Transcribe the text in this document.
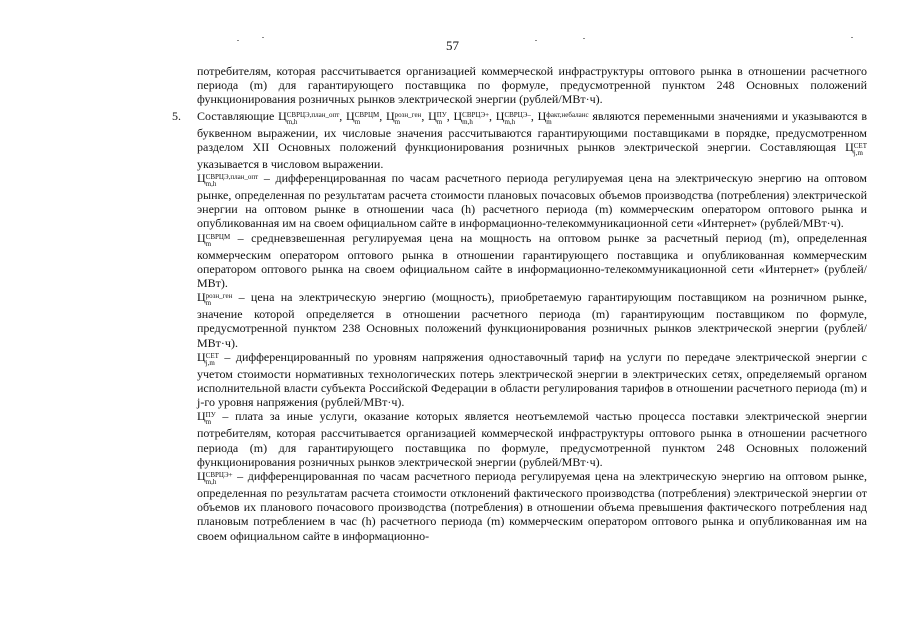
57

потребителям, которая рассчитывается организацией коммерческой инфраструктуры оптового рынка в отношении расчетного периода (m) для гарантирующего поставщика по формуле, предусмотренной пунктом 248 Основных положений функционирования розничных рынков электрической энергии (рублей/МВт·ч).

5. Составляющие Ц СВРЦЭ,план_опт
m,h	, Ц СВРЦМ
m	, Ц розн_ген
m	, Ц ПУ
m , Ц СВРЦЭ+
m,h	, Ц СВРЦЭ–
m,h	, Ц факт,небаланс
m	являются переменными значениями и указываются в буквенном выражении, их числовые значения рассчитываются гарантирующими поставщиками в порядке, предусмотренном разделом XII Основных положений функционирования розничных рынков электрической энергии. Составляющая Ц СЕТ
j,m
указывается в числовом выражении.

Ц СВРЦЭ,план_опт
m,h	– дифференцированная по часам расчетного периода регулируемая цена на электрическую энергию на оптовом рынке, определенная по результатам расчета стоимости плановых почасовых объемов производства (потребления) электрической энергии на оптовом рынке в отношении часа (h) расчетного периода (m) коммерческим оператором оптового рынка и опубликованная им на своем официальном сайте в информационно-телекоммуникационной сети «Интернет» (рублей/МВт·ч).

Ц СВРЦМ
m	– средневзвешенная регулируемая цена на мощность на оптовом рынке за расчетный период (m), определенная коммерческим оператором оптового рынка в отношении гарантирующего поставщика и опубликованная коммерческим оператором оптового рынка на своем официальном сайте в информационно-телекоммуникационной сети «Интернет» (рублей/МВт).

Ц розн_ген
m	– цена на электрическую энергию (мощность), приобретаемую гарантирующим поставщиком на розничном рынке, значение которой определяется в отношении расчетного периода (m) гарантирующим поставщиком по формуле, предусмотренной пунктом 238 Основных положений функционирования розничных рынков электрической энергии (рублей/МВт·ч).

Ц СЕТ
j,m – дифференцированный по уровням напряжения одноставочный тариф на услуги по передаче электрической энергии с учетом стоимости нормативных технологических потерь электрической энергии в электрических сетях, определяемый органом исполнительной власти субъекта Российской Федерации в области регулирования тарифов в отношении расчетного периода (m) и j-го уровня напряжения (рублей/МВт·ч).

Ц ПУ
m – плата за иные услуги, оказание которых является неотъемлемой частью процесса поставки электрической энергии потребителям, которая рассчитывается организацией коммерческой инфраструктуры оптового рынка в отношении расчетного периода (m) для гарантирующего поставщика по формуле, предусмотренной пунктом 248 Основных положений функционирования розничных рынков электрической энергии (рублей/МВт·ч).

Ц СВРЦЭ+
m,h	– дифференцированная по часам расчетного периода регулируемая цена на электрическую энергию на оптовом рынке, определенная по результатам расчета стоимости отклонений фактического производства (потребления) электрической энергии от объемов их планового почасового производства (потребления) в отношении объема превышения фактического потребления над плановым потреблением в час (h) расчетного периода (m) коммерческим оператором оптового рынка и опубликованная им на своем официальном сайте в информационно-
